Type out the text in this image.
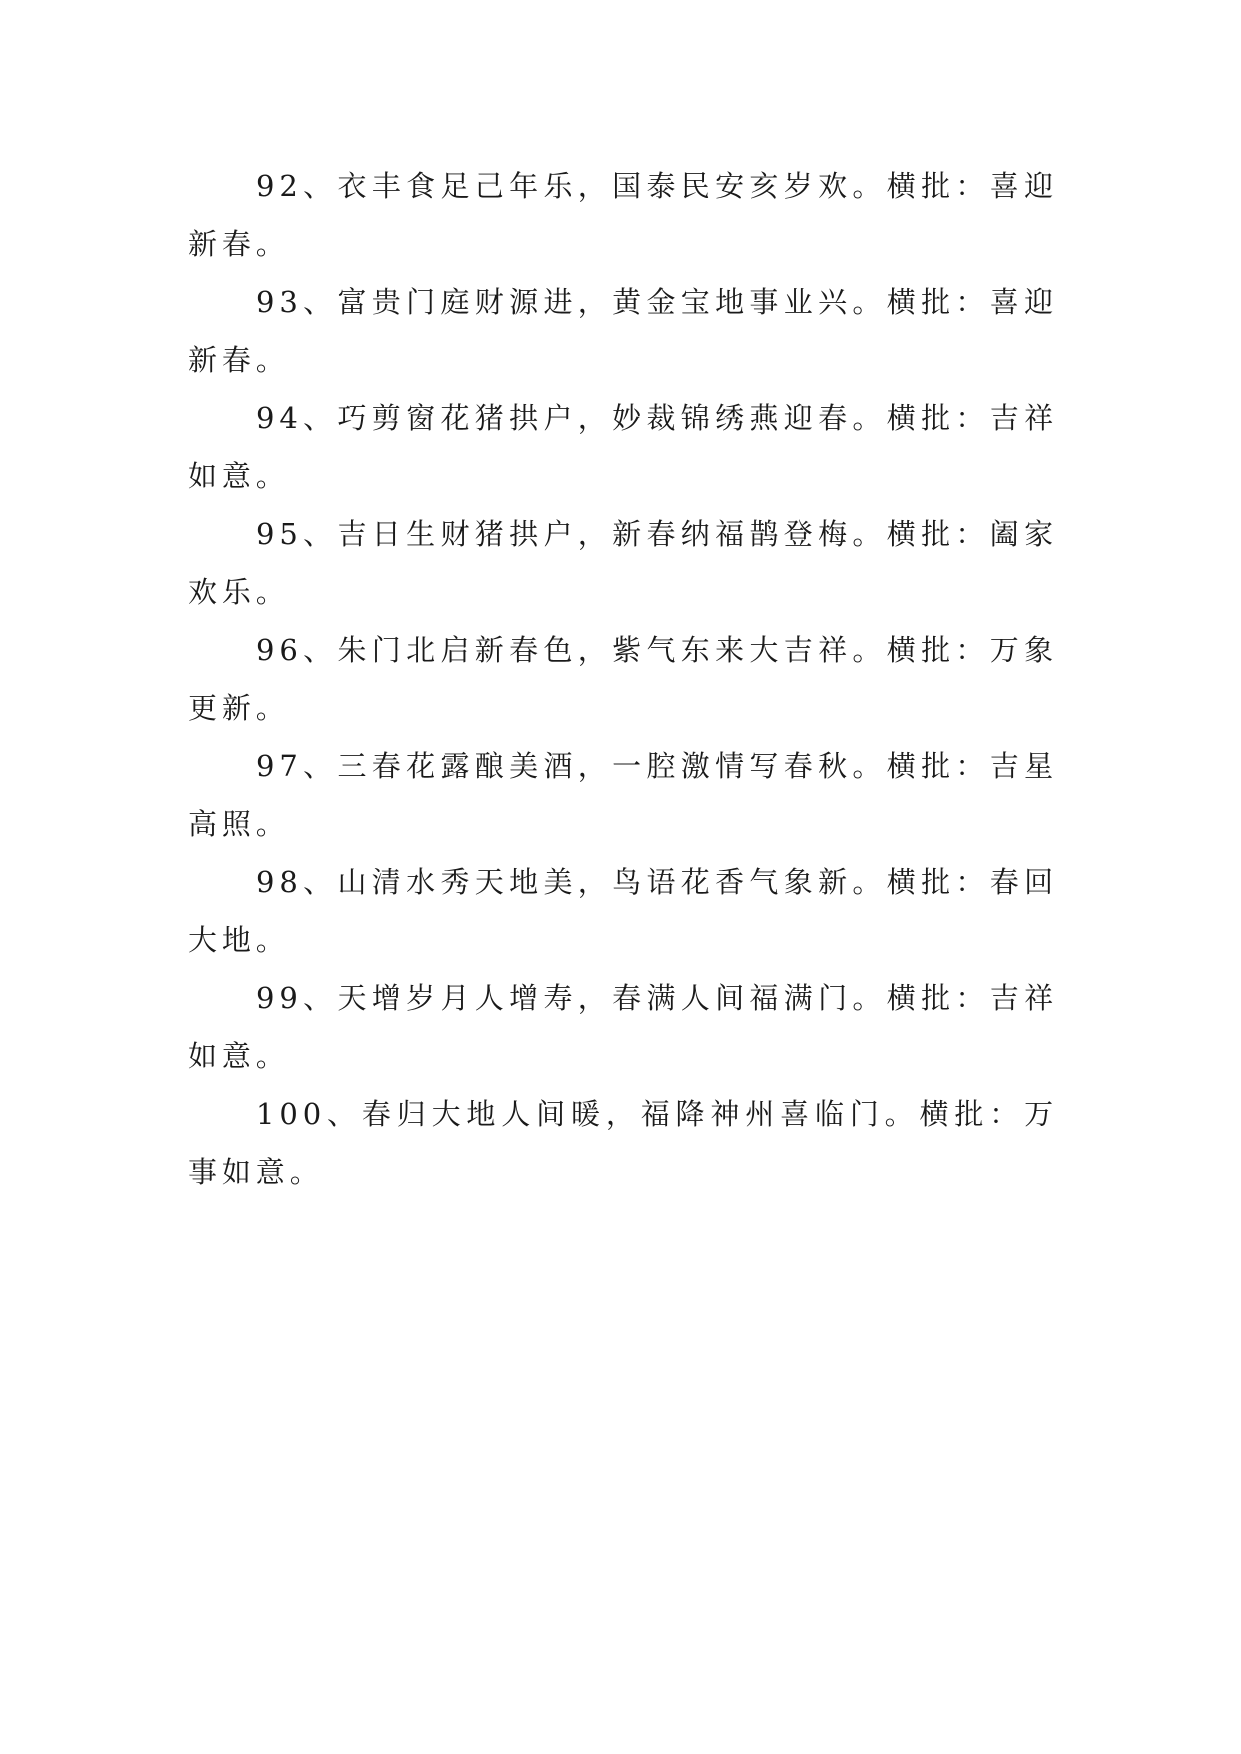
92、衣丰食足己年乐，国泰民安亥岁欢。横批：喜迎新春。

93、富贵门庭财源进，黄金宝地事业兴。横批：喜迎新春。

94、巧剪窗花猪拱户，妙裁锦绣燕迎春。横批：吉祥如意。

95、吉日生财猪拱户，新春纳福鹊登梅。横批：阖家欢乐。

96、朱门北启新春色，紫气东来大吉祥。横批：万象更新。

97、三春花露酿美酒，一腔激情写春秋。横批：吉星高照。

98、山清水秀天地美，鸟语花香气象新。横批：春回大地。

99、天增岁月人增寿，春满人间福满门。横批：吉祥如意。

100、春归大地人间暖，福降神州喜临门。横批：万事如意。
